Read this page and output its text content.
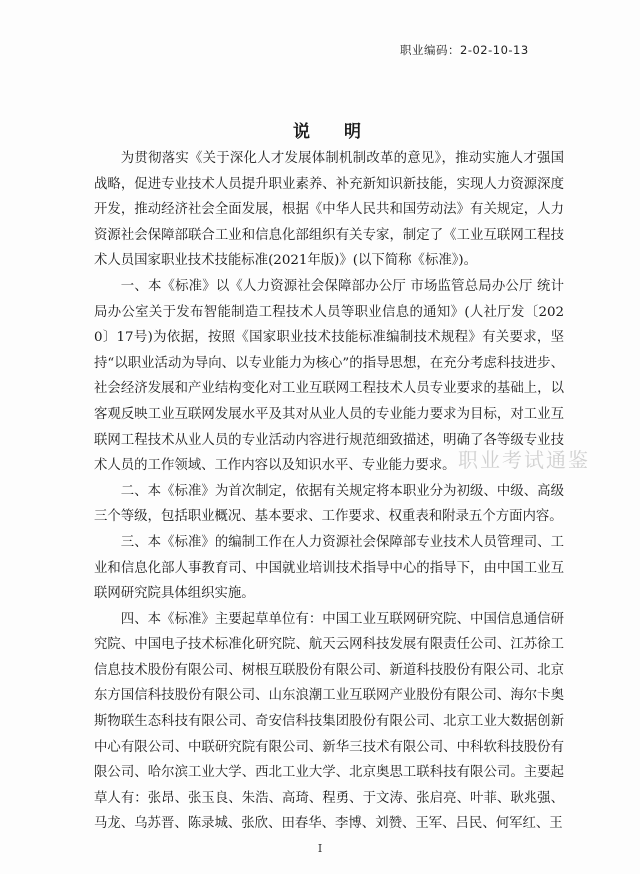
职业编码：2-02-10-13
说 明

为贯彻落实《关于深化人才发展体制机制改革的意见》，推动实施人才强国战略，促进专业技术人员提升职业素养、补充新知识新技能，实现人力资源深度开发，推动经济社会全面发展，根据《中华人民共和国劳动法》有关规定，人力资源社会保障部联合工业和信息化部组织有关专家，制定了《工业互联网工程技术人员国家职业技术技能标准(2021年版)》(以下简称《标准》)。

一、本《标准》以《人力资源社会保障部办公厅 市场监管总局办公厅 统计局办公室关于发布智能制造工程技术人员等职业信息的通知》(人社厅发〔2020〕17号)为依据，按照《国家职业技术技能标准编制技术规程》有关要求，坚持“以职业活动为导向、以专业能力为核心”的指导思想，在充分考虑科技进步、社会经济发展和产业结构变化对工业互联网工程技术人员专业要求的基础上，以客观反映工业互联网发展水平及其对从业人员的专业能力要求为目标，对工业互联网工程技术从业人员的专业活动内容进行规范细致描述，明确了各等级专业技术人员的工作领域、工作内容以及知识水平、专业能力要求。

二、本《标准》为首次制定，依据有关规定将本职业分为初级、中级、高级三个等级，包括职业概况、基本要求、工作要求、权重表和附录五个方面内容。

三、本《标准》的编制工作在人力资源社会保障部专业技术人员管理司、工业和信息化部人事教育司、中国就业培训技术指导中心的指导下，由中国工业互联网研究院具体组织实施。

四、本《标准》主要起草单位有：中国工业互联网研究院、中国信息通信研究院、中国电子技术标准化研究院、航天云网科技发展有限责任公司、江苏徐工信息技术股份有限公司、树根互联股份有限公司、新道科技股份有限公司、北京东方国信科技股份有限公司、山东浪潮工业互联网产业股份有限公司、海尔卡奥斯物联生态科技有限公司、奇安信科技集团股份有限公司、北京工业大数据创新中心有限公司、中联研究院有限公司、新华三技术有限公司、中科软科技股份有限公司、哈尔滨工业大学、西北工业大学、北京奥思工联科技有限公司。主要起草人有：张昂、张玉良、朱浩、高琦、程勇、于文涛、张启亮、叶菲、耿兆强、马龙、乌苏晋、陈录城、张欣、田春华、李博、刘赞、王军、吕民、何军红、王

职业考试通鉴
I
